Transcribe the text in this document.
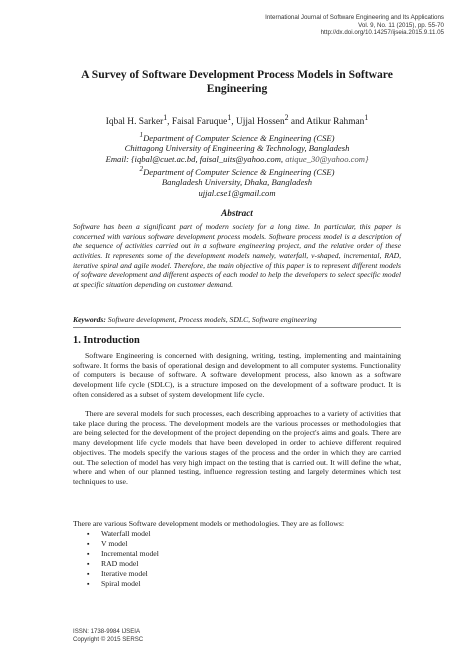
International Journal of Software Engineering and Its Applications
Vol. 9, No. 11 (2015), pp. 55-70
http://dx.doi.org/10.14257/ijseia.2015.9.11.05
A Survey of Software Development Process Models in Software Engineering
Iqbal H. Sarker$^1$, Faisal Faruque$^1$, Ujjal Hossen$^2$ and Atikur Rahman$^1$
$^1$Department of Computer Science & Engineering (CSE)
Chittagong University of Engineering & Technology, Bangladesh
Email: {iqbal@cuet.ac.bd, faisal_uits@yahoo.com, atique_30@yahoo.com}
$^2$Department of Computer Science & Engineering (CSE)
Bangladesh University, Dhaka, Bangladesh
ujjal.cse1@gmail.com
Abstract
Software has been a significant part of modern society for a long time. In particular, this paper is concerned with various software development process models. Software process model is a description of the sequence of activities carried out in a software engineering project, and the relative order of these activities. It represents some of the development models namely, waterfall, v-shaped, incremental, RAD, iterative spiral and agile model. Therefore, the main objective of this paper is to represent different models of software development and different aspects of each model to help the developers to select specific model at specific situation depending on customer demand.
Keywords: Software development, Process models, SDLC, Software engineering
1. Introduction
Software Engineering is concerned with designing, writing, testing, implementing and maintaining software. It forms the basis of operational design and development to all computer systems. Functionality of computers is because of software. A software development process, also known as a software development life cycle (SDLC), is a structure imposed on the development of a software product. It is often considered as a subset of system development life cycle.
There are several models for such processes, each describing approaches to a variety of activities that take place during the process. The development models are the various processes or methodologies that are being selected for the development of the project depending on the project's aims and goals. There are many development life cycle models that have been developed in order to achieve different required objectives. The models specify the various stages of the process and the order in which they are carried out. The selection of model has very high impact on the testing that is carried out. It will define the what, where and when of our planned testing, influence regression testing and largely determines which test techniques to use.
There are various Software development models or methodologies. They are as follows:
▪ Waterfall model
▪ V model
▪ Incremental model
▪ RAD model
▪ Iterative model
▪ Spiral model
ISSN: 1738-9984 IJSEIA
Copyright © 2015 SERSC
